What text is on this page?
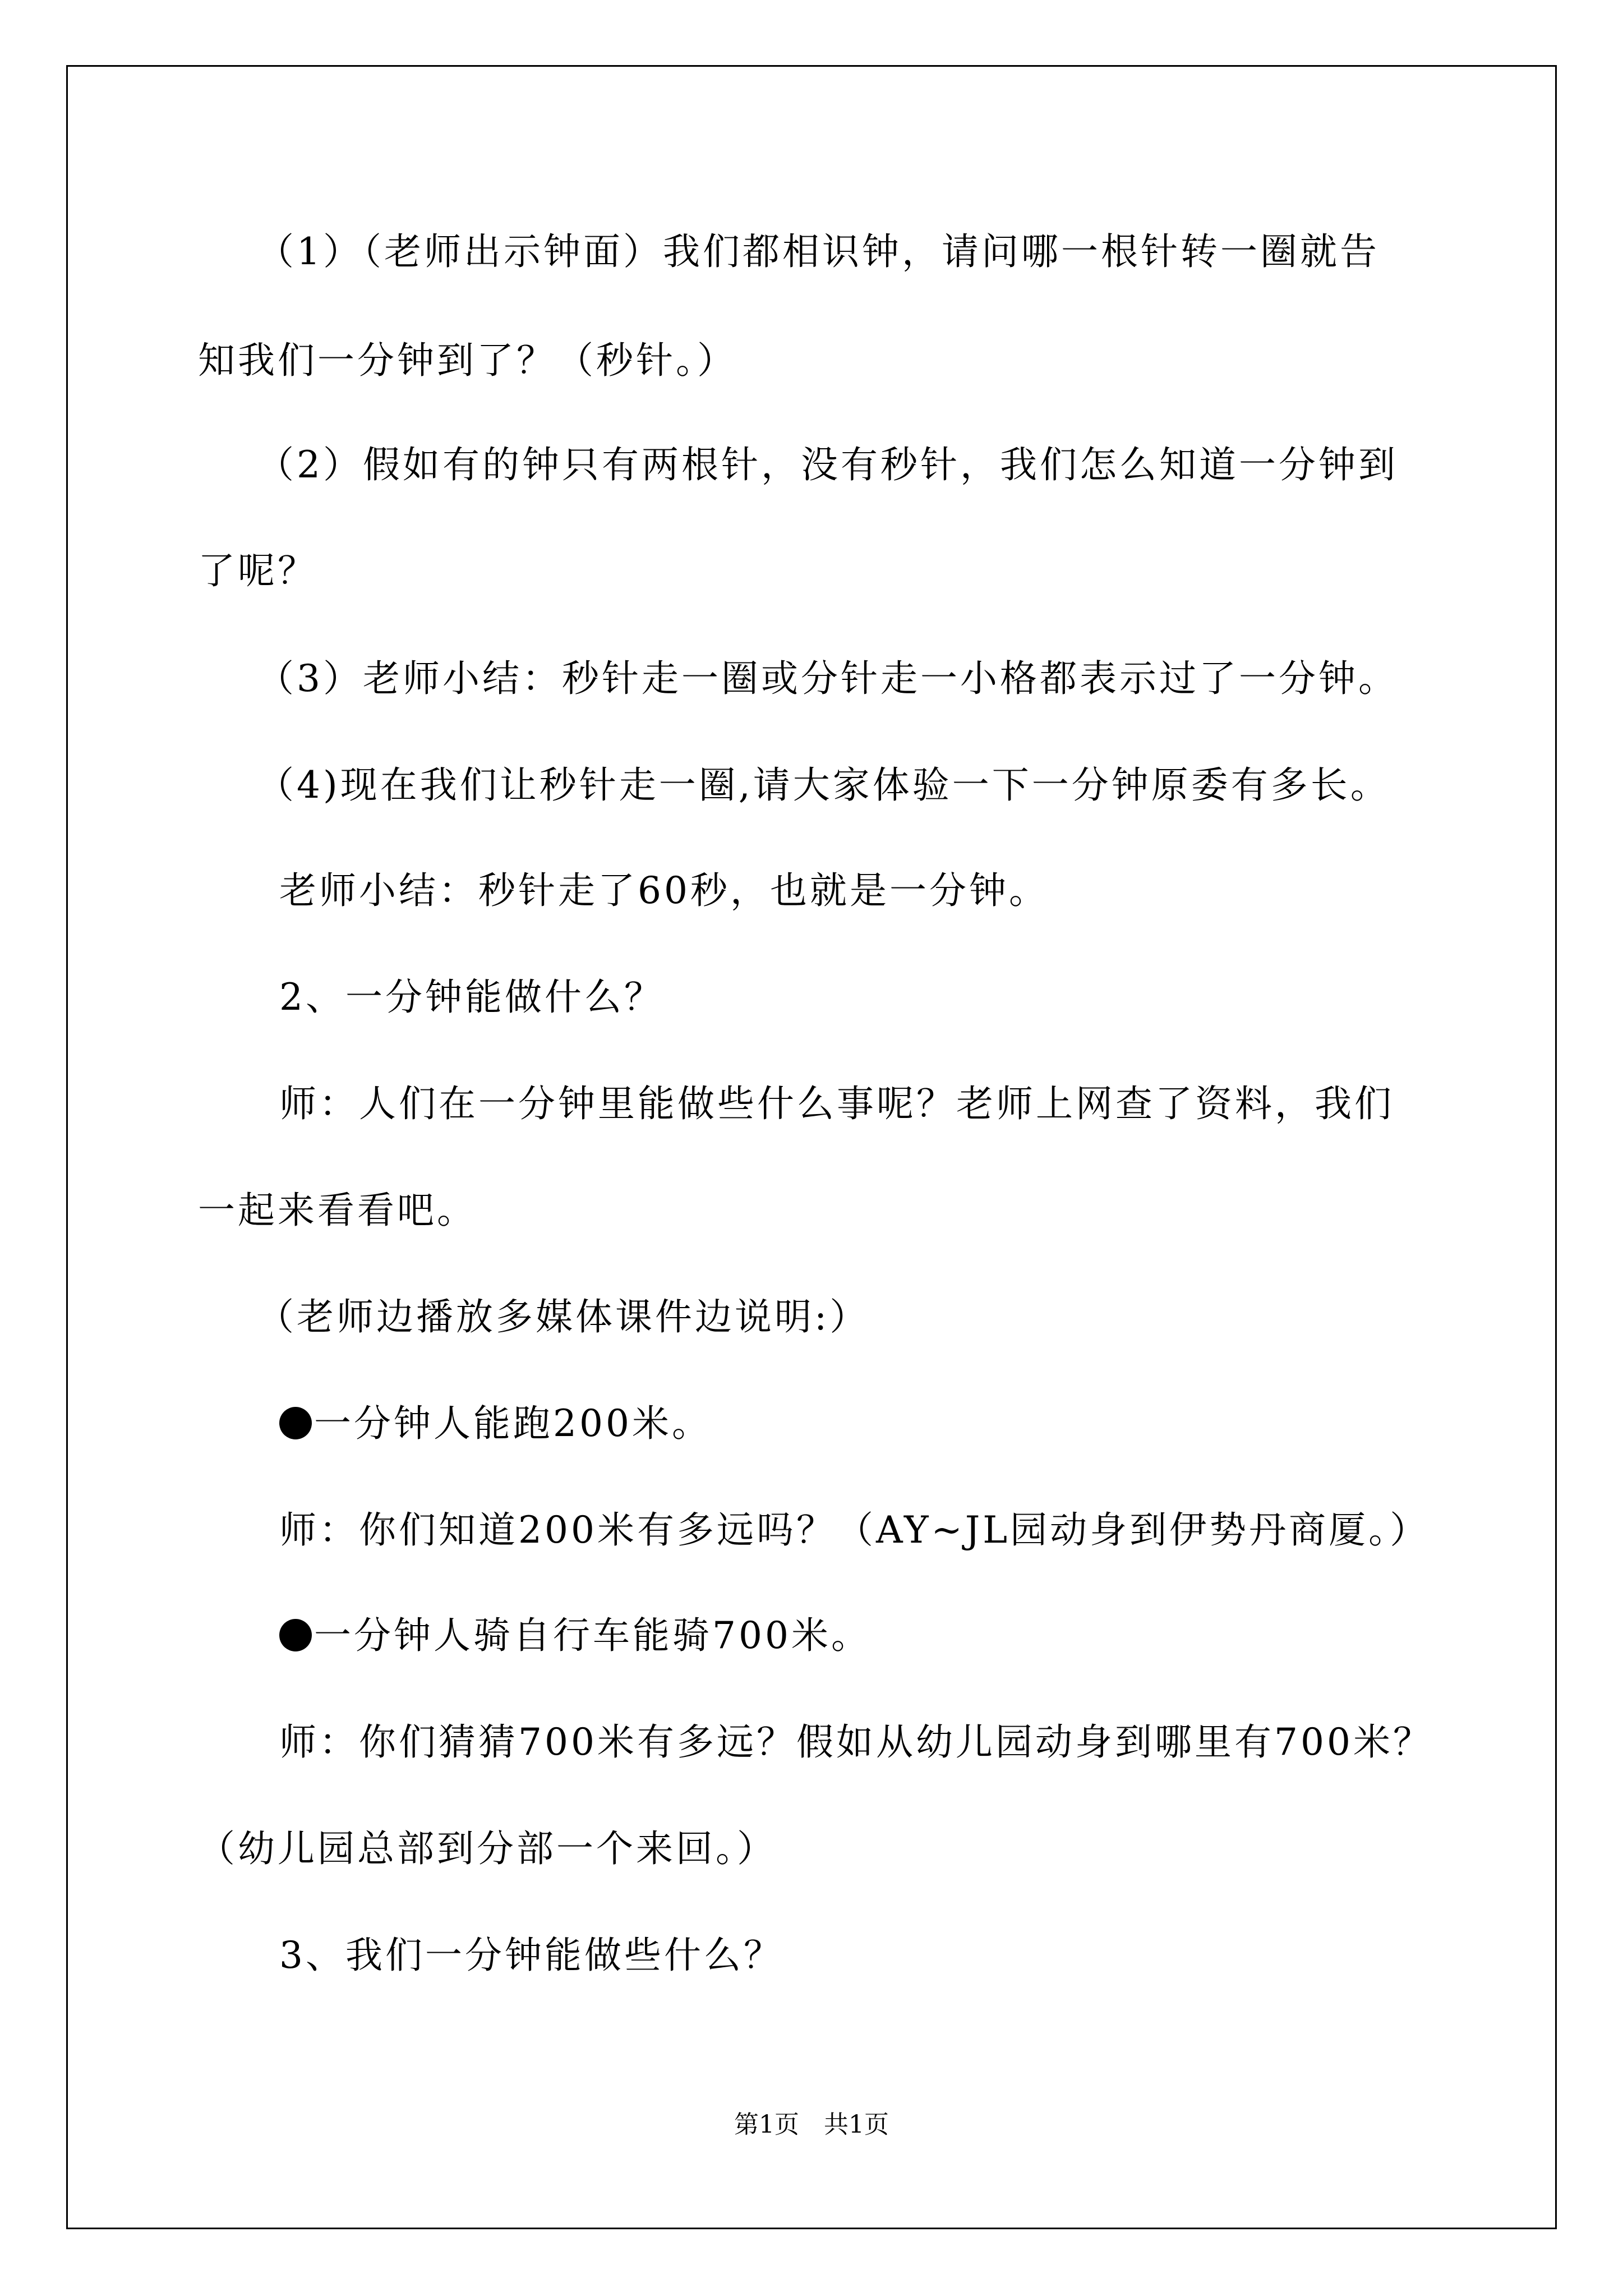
（1）（老师出示钟面）我们都相识钟，请问哪一根针转一圈就告
知我们一分钟到了？（秒针。）
（2）假如有的钟只有两根针，没有秒针，我们怎么知道一分钟到
了呢？
（3）老师小结：秒针走一圈或分针走一小格都表示过了一分钟。
（4)现在我们让秒针走一圈,请大家体验一下一分钟原委有多长。
老师小结：秒针走了60秒，也就是一分钟。
2、一分钟能做什么？
师：人们在一分钟里能做些什么事呢？老师上网查了资料，我们
一起来看看吧。
（老师边播放多媒体课件边说明:）
一分钟人能跑200米。
师：你们知道200米有多远吗？（AY~JL园动身到伊势丹商厦。）
一分钟人骑自行车能骑700米。
师：你们猜猜700米有多远？假如从幼儿园动身到哪里有700米？
（幼儿园总部到分部一个来回。）
3、我们一分钟能做些什么？
第1页 共1页
